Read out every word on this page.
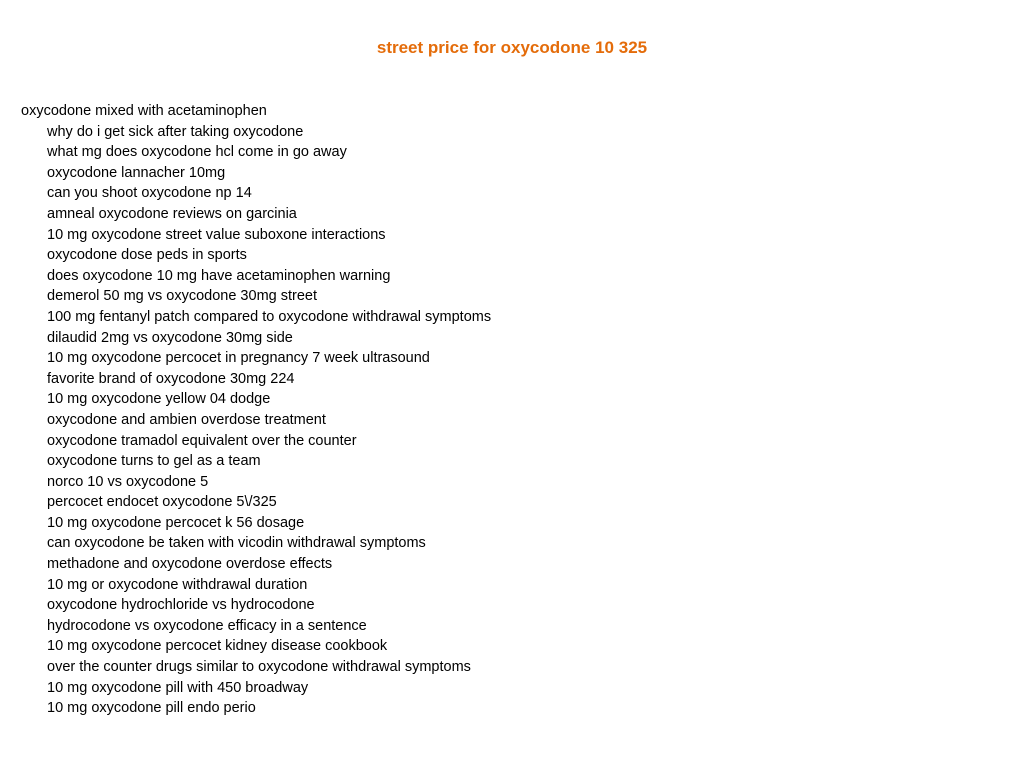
street price for oxycodone 10 325

oxycodone mixed with acetaminophen

why do i get sick after taking oxycodone
what mg does oxycodone hcl come in go away
oxycodone lannacher 10mg
can you shoot oxycodone np 14
amneal oxycodone reviews on garcinia
10 mg oxycodone street value suboxone interactions
oxycodone dose peds in sports
does oxycodone 10 mg have acetaminophen warning
demerol 50 mg vs oxycodone 30mg street
100 mg fentanyl patch compared to oxycodone withdrawal symptoms
dilaudid 2mg vs oxycodone 30mg side
10 mg oxycodone percocet in pregnancy 7 week ultrasound
favorite brand of oxycodone 30mg 224
10 mg oxycodone yellow 04 dodge
oxycodone and ambien overdose treatment
oxycodone tramadol equivalent over the counter
oxycodone turns to gel as a team
norco 10 vs oxycodone 5
percocet endocet oxycodone 5\/325
10 mg oxycodone percocet k 56 dosage
can oxycodone be taken with vicodin withdrawal symptoms
methadone and oxycodone overdose effects
10 mg or oxycodone withdrawal duration
oxycodone hydrochloride vs hydrocodone
hydrocodone vs oxycodone efficacy in a sentence
10 mg oxycodone percocet kidney disease cookbook
over the counter drugs similar to oxycodone withdrawal symptoms
10 mg oxycodone pill with 450 broadway
10 mg oxycodone pill endo perio
